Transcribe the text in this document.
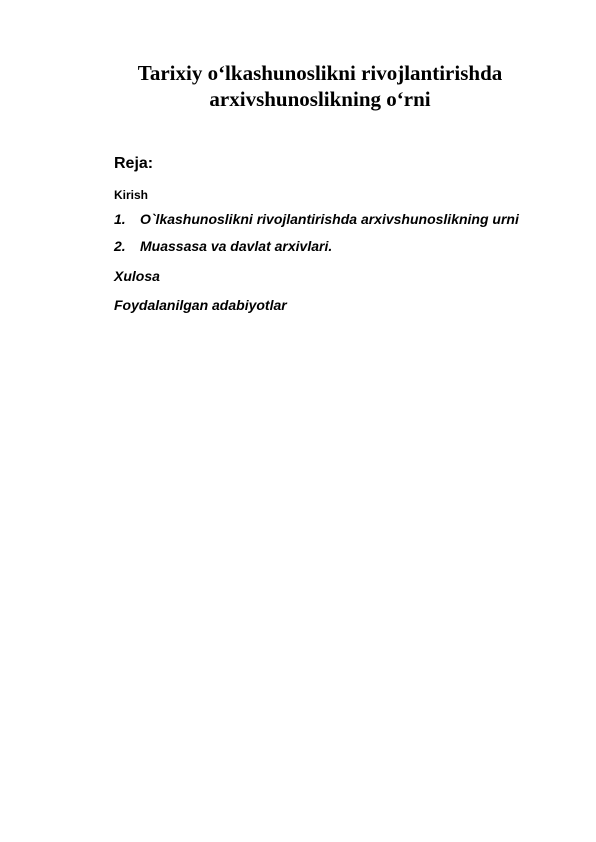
Tarixiy o‘lkashunoslikni rivojlantirishda
arxivshunoslikning o‘rni
Reja:
Kirish
1. O`lkashunoslikni rivojlantirishda arxivshunoslikning urni
2. Muassasa va davlat arxivlari.
Xulosa
Foydalanilgan adabiyotlar
